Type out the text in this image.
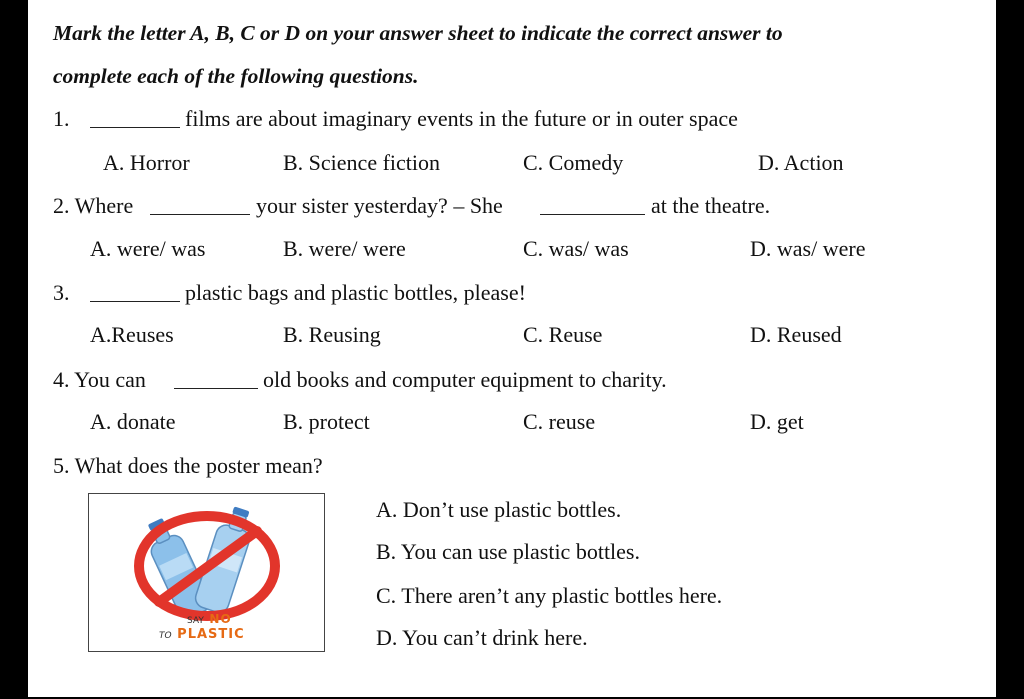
Mark the letter A, B, C or D on your answer sheet to indicate the correct answer to
complete each of the following questions.
1.	films are about imaginary events in the future or in outer space
A. Horror	B. Science fiction	C. Comedy	D. Action
2. Where	your sister yesterday? – She	at the theatre.
A. were/ was	B. were/ were	C. was/ was	D. was/ were
3.	plastic bags and plastic bottles, please!
A.Reuses	B. Reusing	C. Reuse	D. Reused
4. You can	old books and computer equipment to charity.
A. donate	B. protect	C. reuse	D. get
5. What does the poster mean?
SAY NO
TO PLASTIC
A. Don’t use plastic bottles.
B. You can use plastic bottles.
C. There aren’t any plastic bottles here.
D. You can’t drink here.
